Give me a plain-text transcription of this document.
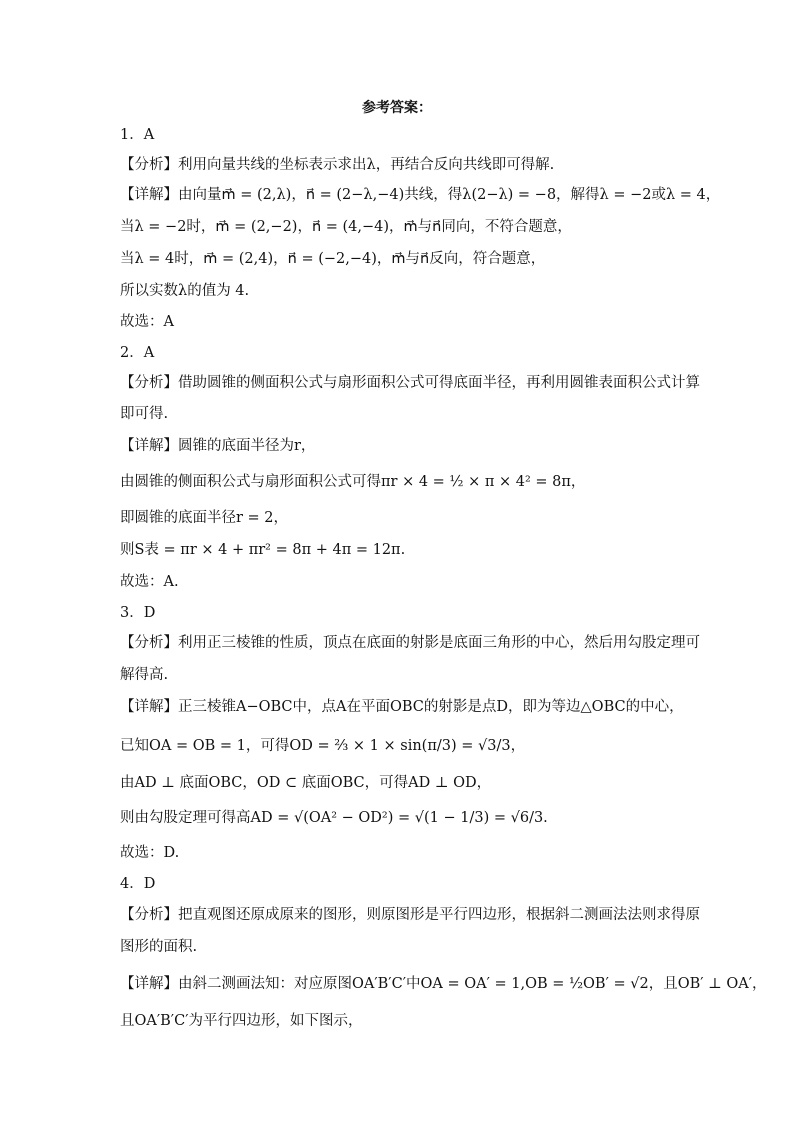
参考答案：
1．A
【分析】利用向量共线的坐标表示求出λ，再结合反向共线即可得解.
【详解】由向量m⃗ = (2,λ)，n⃗ = (2−λ,−4)共线，得λ(2−λ) = −8，解得λ = −2或λ = 4，
当λ = −2时，m⃗ = (2,−2)，n⃗ = (4,−4)，m⃗与n⃗同向，不符合题意，
当λ = 4时，m⃗ = (2,4)，n⃗ = (−2,−4)，m⃗与n⃗反向，符合题意，
所以实数λ的值为 4.
故选：A
2．A
【分析】借助圆锥的侧面积公式与扇形面积公式可得底面半径，再利用圆锥表面积公式计算
即可得.
【详解】圆锥的底面半径为r，
由圆锥的侧面积公式与扇形面积公式可得πr × 4 = ½ × π × 4² = 8π，
即圆锥的底面半径r = 2，
则S表 = πr × 4 + πr² = 8π + 4π = 12π.
故选：A.
3．D
【分析】利用正三棱锥的性质，顶点在底面的射影是底面三角形的中心，然后用勾股定理可
解得高.
【详解】正三棱锥A−OBC中，点A在平面OBC的射影是点D，即为等边△OBC的中心，
已知OA = OB = 1，可得OD = ⅔ × 1 × sin(π/3) = √3/3，
由AD ⊥ 底面OBC，OD ⊂ 底面OBC，可得AD ⊥ OD，
则由勾股定理可得高AD = √(OA² − OD²) = √(1 − 1/3) = √6/3.
故选：D.
4．D
【分析】把直观图还原成原来的图形，则原图形是平行四边形，根据斜二测画法法则求得原
图形的面积.
【详解】由斜二测画法知：对应原图OA′B′C′中OA = OA′ = 1,OB = ½OB′ = √2，且OB′ ⊥ OA′，
且OA′B′C′为平行四边形，如下图示，
